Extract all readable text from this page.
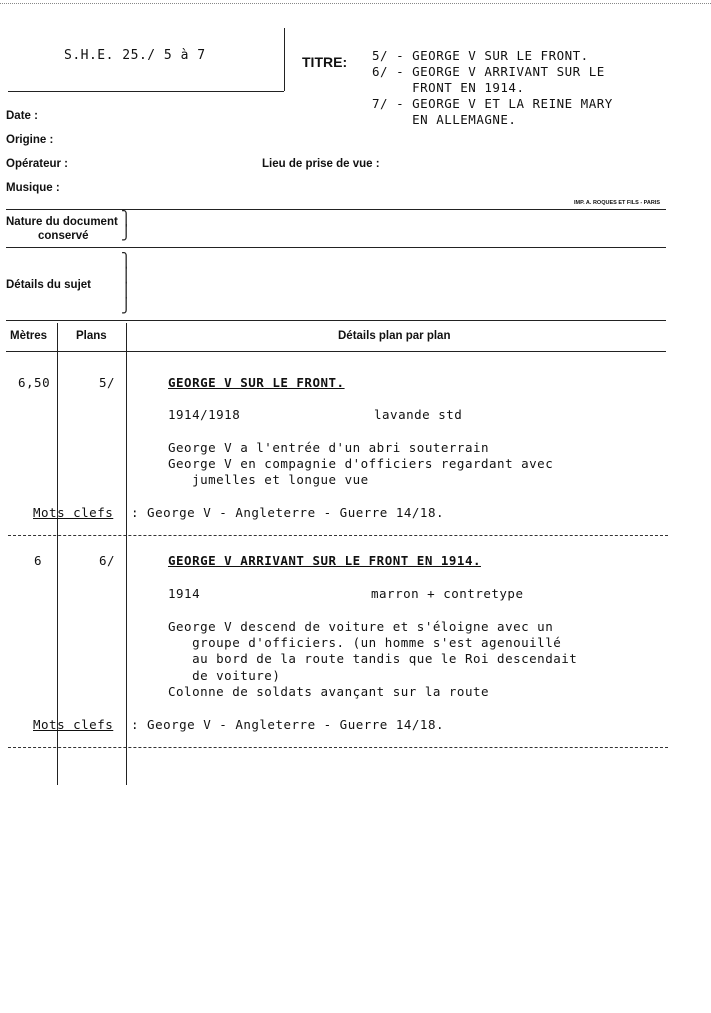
S.H.E. 25./ 5 à 7	TITRE: 5/ - GEORGE V SUR LE FRONT.
6/ - GEORGE V ARRIVANT SUR LE
FRONT EN 1914.
7/ - GEORGE V ET LA REINE MARY
EN ALLEMAGNE.
Date :
Origine :
Opérateur :	Lieu de prise de vue :
Musique :
IMP. A. ROQUES ET FILS - PARIS
Nature du document
conservé
⎫
⎭
Détails du sujet
⎫
⎪
⎪
⎭
Mètres	Plans	Détails plan par plan
6,50	5/	GEORGE V SUR LE FRONT.
1914/1918	lavande std
George V a l'entrée d'un abri souterrain
George V en compagnie d'officiers regardant avec
jumelles et longue vue
Mots clefs : George V - Angleterre - Guerre 14/18.
6	6/	GEORGE V ARRIVANT SUR LE FRONT EN 1914.
1914	marron + contretype
George V descend de voiture et s'éloigne avec un
groupe d'officiers. (un homme s'est agenouillé
au bord de la route tandis que le Roi descendait
de voiture)
Colonne de soldats avançant sur la route
Mots clefs : George V - Angleterre - Guerre 14/18.
